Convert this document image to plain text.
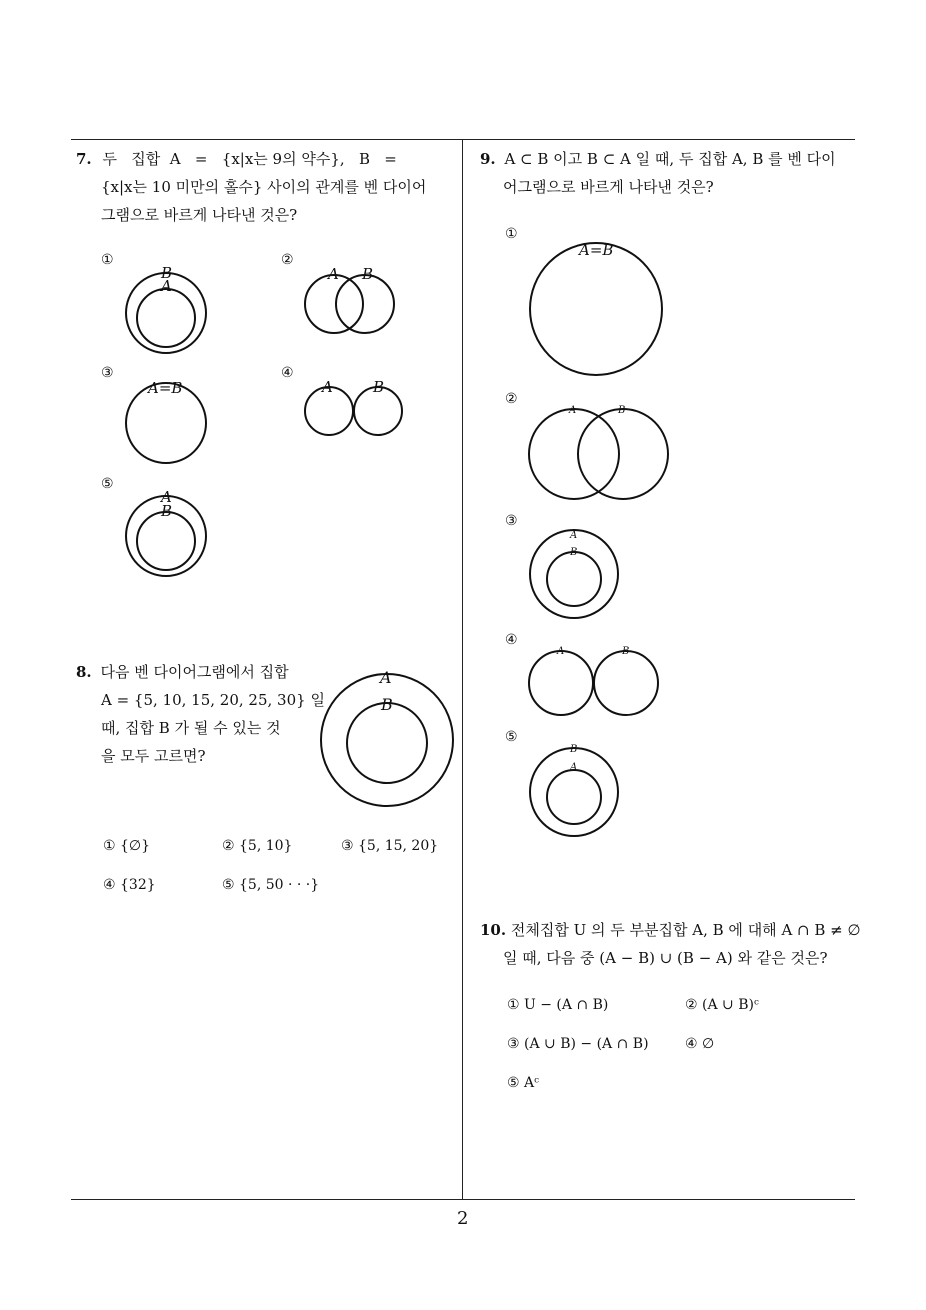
7. 두   집합  A   =   {x|x는 9의 약수},   B   =
{x|x는 10 미만의 홀수} 사이의 관계를 벤 다이어
그램으로 바르게 나타낸 것은?
①
B
A
②
A B
③
A=B
④
A	B
⑤
A
B
8. 다음 벤 다이어그램에서 집합
A = {5, 10, 15, 20, 25, 30} 일
때, 집합 B 가 될 수 있는 것
을 모두 고르면?
A
B
① {∅}	② {5, 10}	③ {5, 15, 20}
④ {32}	⑤ {5, 50 · · ·}
9. A ⊂ B 이고 B ⊂ A 일 때, 두 집합 A, B 를 벤 다이
어그램으로 바르게 나타낸 것은?
①
A=B
②
A	B
③
A
B
④
A	B
⑤
B
A
10. 전체집합 U 의 두 부분집합 A, B 에 대해 A ∩ B ≠ ∅
일 때, 다음 중 (A − B) ∪ (B − A) 와 같은 것은?
① U − (A ∩ B)	② (A ∪ B)ᶜ
③ (A ∪ B) − (A ∩ B)	④ ∅
⑤ Aᶜ
2
